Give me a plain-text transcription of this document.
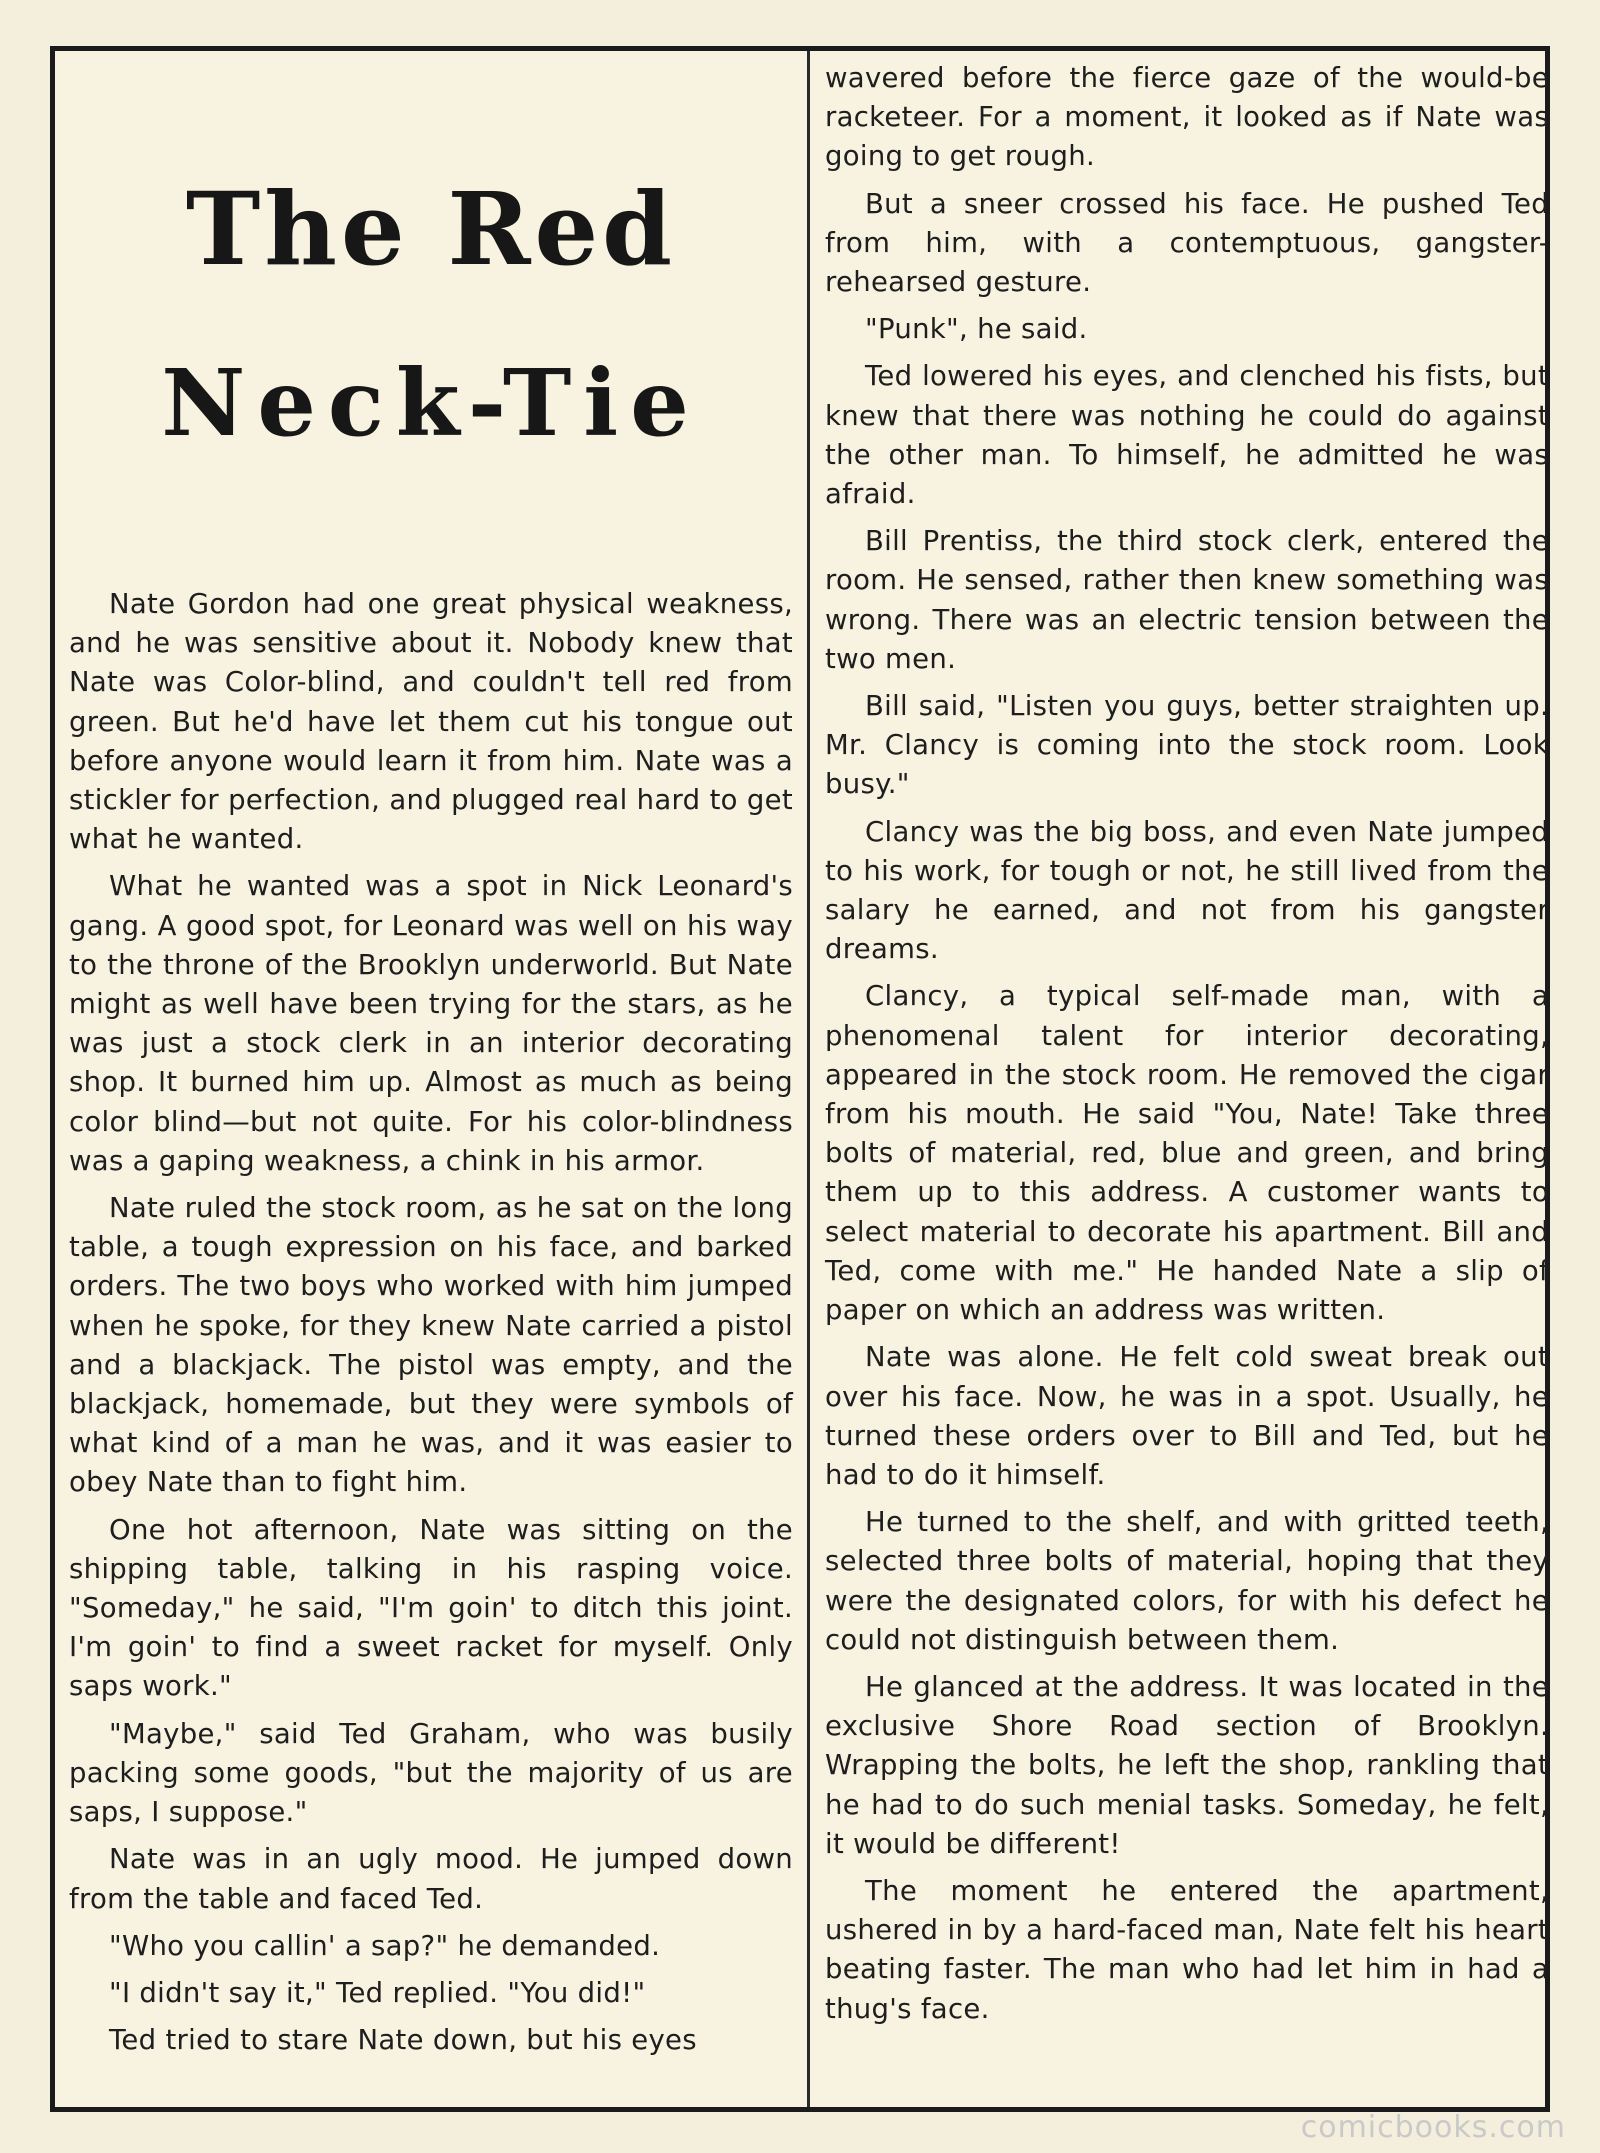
The Red
Neck-Tie

Nate Gordon had one great physical weakness, and he was sensitive about it. Nobody knew that Nate was Color-blind, and couldn't tell red from green. But he'd have let them cut his tongue out before anyone would learn it from him. Nate was a stickler for perfection, and plugged real hard to get what he wanted.

What he wanted was a spot in Nick Leonard's gang. A good spot, for Leonard was well on his way to the throne of the Brooklyn underworld. But Nate might as well have been trying for the stars, as he was just a stock clerk in an interior decorating shop. It burned him up. Almost as much as being color blind—but not quite. For his color-blindness was a gaping weakness, a chink in his armor.

Nate ruled the stock room, as he sat on the long table, a tough expression on his face, and barked orders. The two boys who worked with him jumped when he spoke, for they knew Nate carried a pistol and a blackjack. The pistol was empty, and the blackjack, homemade, but they were symbols of what kind of a man he was, and it was easier to obey Nate than to fight him.

One hot afternoon, Nate was sitting on the shipping table, talking in his rasping voice. "Someday," he said, "I'm goin' to ditch this joint. I'm goin' to find a sweet racket for myself. Only saps work."

"Maybe," said Ted Graham, who was busily packing some goods, "but the majority of us are saps, I suppose."

Nate was in an ugly mood. He jumped down from the table and faced Ted.

"Who you callin' a sap?" he demanded.

"I didn't say it," Ted replied. "You did!"

Ted tried to stare Nate down, but his eyes

wavered before the fierce gaze of the would-be racketeer. For a moment, it looked as if Nate was going to get rough.

But a sneer crossed his face. He pushed Ted from him, with a contemptuous, gangster-rehearsed gesture.

"Punk", he said.

Ted lowered his eyes, and clenched his fists, but knew that there was nothing he could do against the other man. To himself, he admitted he was afraid.

Bill Prentiss, the third stock clerk, entered the room. He sensed, rather then knew something was wrong. There was an electric tension between the two men.

Bill said, "Listen you guys, better straighten up. Mr. Clancy is coming into the stock room. Look busy."

Clancy was the big boss, and even Nate jumped to his work, for tough or not, he still lived from the salary he earned, and not from his gangster dreams.

Clancy, a typical self-made man, with a phenomenal talent for interior decorating, appeared in the stock room. He removed the cigar from his mouth. He said "You, Nate! Take three bolts of material, red, blue and green, and bring them up to this address. A customer wants to select material to decorate his apartment. Bill and Ted, come with me." He handed Nate a slip of paper on which an address was written.

Nate was alone. He felt cold sweat break out over his face. Now, he was in a spot. Usually, he turned these orders over to Bill and Ted, but he had to do it himself.

He turned to the shelf, and with gritted teeth, selected three bolts of material, hoping that they were the designated colors, for with his defect he could not distinguish between them.

He glanced at the address. It was located in the exclusive Shore Road section of Brooklyn. Wrapping the bolts, he left the shop, rankling that he had to do such menial tasks. Someday, he felt, it would be different!

The moment he entered the apartment, ushered in by a hard-faced man, Nate felt his heart beating faster. The man who had let him in had a thug's face.

comicbooks.com
